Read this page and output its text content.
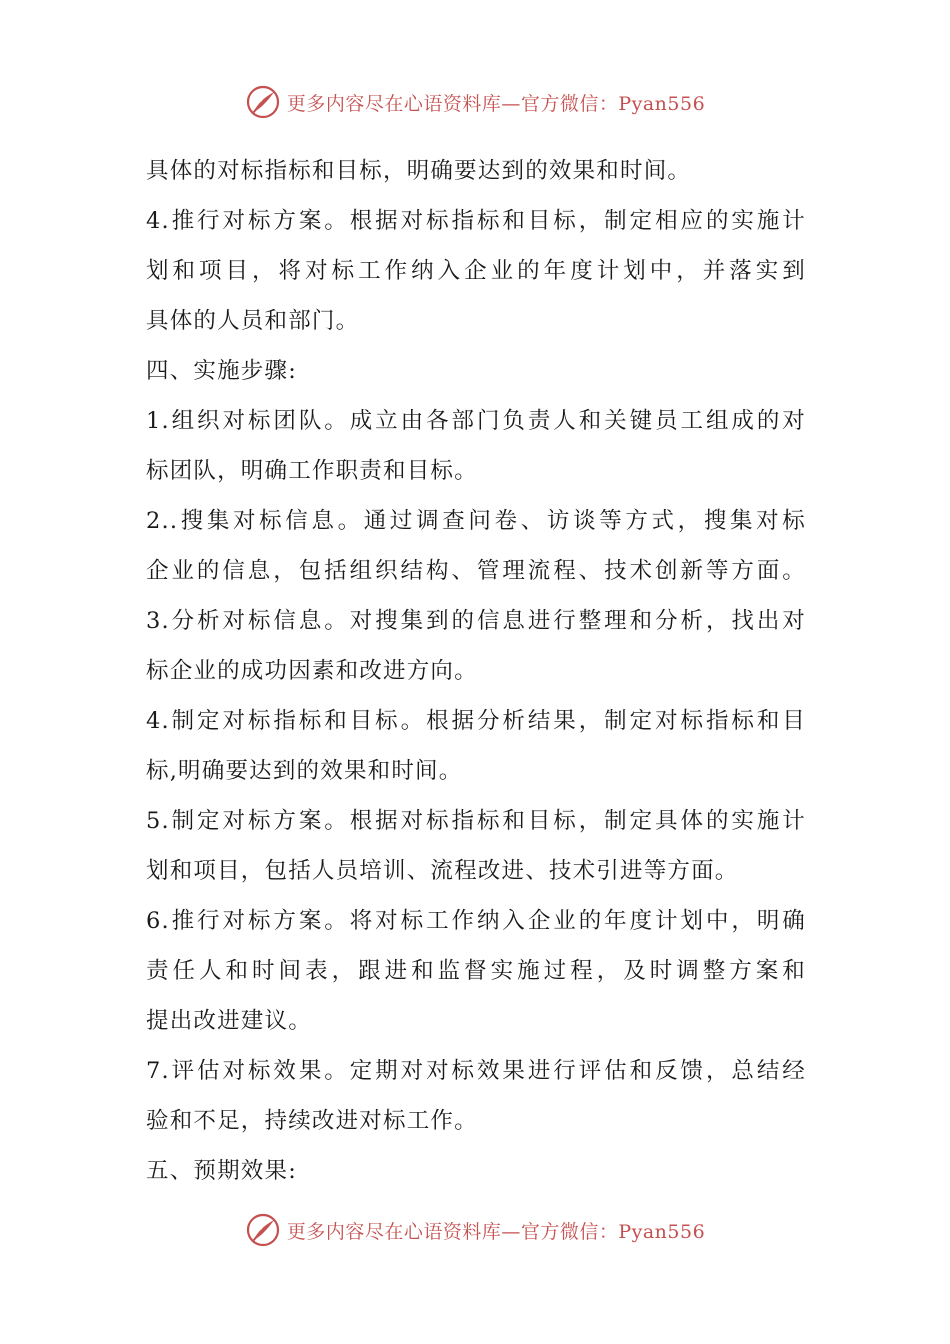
更多内容尽在心语资料库—官方微信：Pyan556
具体的对标指标和目标，明确要达到的效果和时间。
4.推行对标方案。根据对标指标和目标，制定相应的实施计
划和项目，将对标工作纳入企业的年度计划中，并落实到
具体的人员和部门。
四、实施步骤:
1.组织对标团队。成立由各部门负责人和关键员工组成的对
标团队，明确工作职责和目标。
2..搜集对标信息。通过调查问卷、访谈等方式，搜集对标
企业的信息，包括组织结构、管理流程、技术创新等方面。
3.分析对标信息。对搜集到的信息进行整理和分析，找出对
标企业的成功因素和改进方向。
4.制定对标指标和目标。根据分析结果，制定对标指标和目
标,明确要达到的效果和时间。
5.制定对标方案。根据对标指标和目标，制定具体的实施计
划和项目，包括人员培训、流程改进、技术引进等方面。
6.推行对标方案。将对标工作纳入企业的年度计划中，明确
责任人和时间表，跟进和监督实施过程，及时调整方案和
提出改进建议。
7.评估对标效果。定期对对标效果进行评估和反馈，总结经
验和不足，持续改进对标工作。
五、预期效果:
更多内容尽在心语资料库—官方微信：Pyan556
